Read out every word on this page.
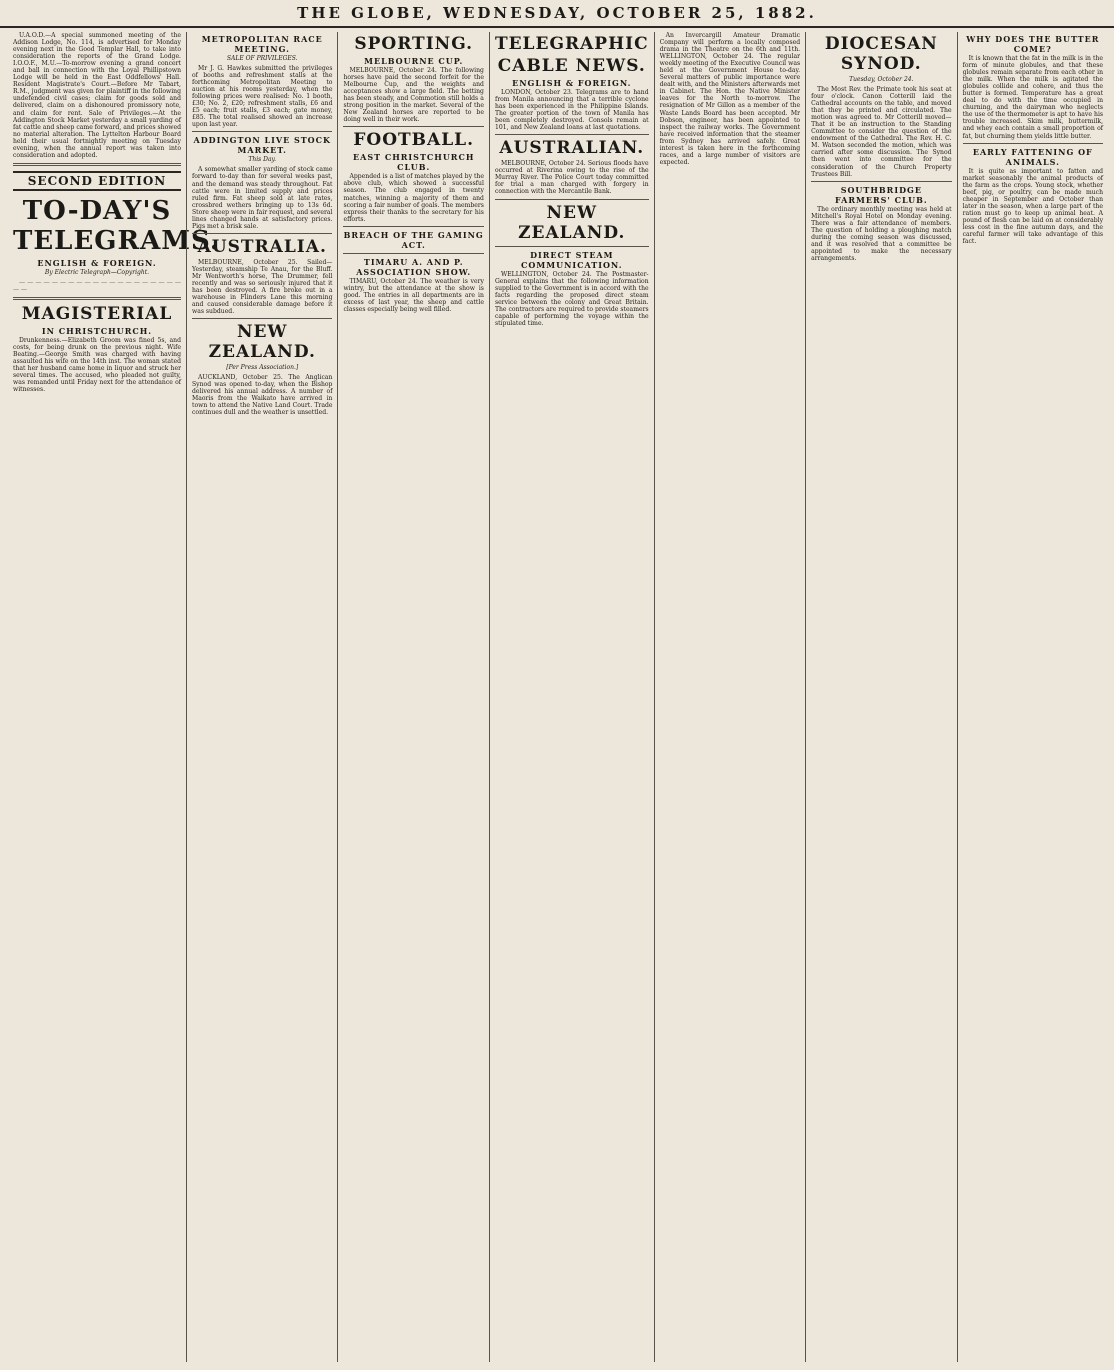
THE GLOBE, WEDNESDAY, OCTOBER 25, 1882.

U.A.O.D.—A special summoned meeting of the Addison Lodge, No. 114, is advertised for Monday evening next in the Good Templar Hall, to take into consideration the reports of the Grand Lodge. I.O.O.F., M.U.—To-morrow evening a grand concert and ball in connection with the Loyal Phillipstown Lodge will be held in the East Oddfellows' Hall. Resident Magistrate's Court.—Before Mr Tabart, R.M., judgment was given for plaintiff in the following undefended civil cases; claim for goods sold and delivered, claim on a dishonoured promissory note, and claim for rent. Sale of Privileges.—At the Addington Stock Market yesterday a small yarding of fat cattle and sheep came forward, and prices showed no material alteration. The Lyttelton Harbour Board held their usual fortnightly meeting on Tuesday evening, when the annual report was taken into consideration and adopted.

SECOND EDITION
TO-DAY'S TELEGRAMS.
ENGLISH & FOREIGN.
By Electric Telegraph—Copyright.

— — — — — — — — — — — — — — — — — — — — — —

MAGISTERIAL
IN CHRISTCHURCH.

Drunkenness.—Elizabeth Groom was fined 5s, and costs, for being drunk on the previous night. Wife Beating.—George Smith was charged with having assaulted his wife on the 14th inst. The woman stated that her husband came home in liquor and struck her several times. The accused, who pleaded not guilty, was remanded until Friday next for the attendance of witnesses.

METROPOLITAN RACE MEETING.
SALE OF PRIVILEGES.

Mr J. G. Hawkes submitted the privileges of booths and refreshment stalls at the forthcoming Metropolitan Meeting to auction at his rooms yesterday, when the following prices were realised: No. 1 booth, £30; No. 2, £20; refreshment stalls, £6 and £5 each; fruit stalls, £3 each; gate money, £85. The total realised showed an increase upon last year.

ADDINGTON LIVE STOCK MARKET.
This Day.

A somewhat smaller yarding of stock came forward to-day than for several weeks past, and the demand was steady throughout. Fat cattle were in limited supply and prices ruled firm. Fat sheep sold at late rates, crossbred wethers bringing up to 13s 6d. Store sheep were in fair request, and several lines changed hands at satisfactory prices. Pigs met a brisk sale.

AUSTRALIA.

MELBOURNE, October 25. Sailed—Yesterday, steamship Te Anau, for the Bluff. Mr Wentworth's horse, The Drummer, fell recently and was so seriously injured that it has been destroyed. A fire broke out in a warehouse in Flinders Lane this morning and caused considerable damage before it was subdued.

NEW ZEALAND.
[Per Press Association.]

AUCKLAND, October 25. The Anglican Synod was opened to-day, when the Bishop delivered his annual address. A number of Maoris from the Waikato have arrived in town to attend the Native Land Court. Trade continues dull and the weather is unsettled.

SPORTING.
MELBOURNE CUP.

MELBOURNE, October 24. The following horses have paid the second forfeit for the Melbourne Cup, and the weights and acceptances show a large field. The betting has been steady, and Commotion still holds a strong position in the market. Several of the New Zealand horses are reported to be doing well in their work.

FOOTBALL.
EAST CHRISTCHURCH CLUB.

Appended is a list of matches played by the above club, which showed a successful season. The club engaged in twenty matches, winning a majority of them and scoring a fair number of goals. The members express their thanks to the secretary for his efforts.

BREACH OF THE GAMING ACT.
TIMARU A. AND P. ASSOCIATION SHOW.

TIMARU, October 24. The weather is very wintry, but the attendance at the show is good. The entries in all departments are in excess of last year, the sheep and cattle classes especially being well filled.

TELEGRAPHIC
CABLE NEWS.
ENGLISH & FOREIGN.

LONDON, October 23. Telegrams are to hand from Manila announcing that a terrible cyclone has been experienced in the Philippine Islands. The greater portion of the town of Manila has been completely destroyed. Consols remain at 101, and New Zealand loans at last quotations.

AUSTRALIAN.

MELBOURNE, October 24. Serious floods have occurred at Riverina owing to the rise of the Murray River. The Police Court today committed for trial a man charged with forgery in connection with the Mercantile Bank.

NEW ZEALAND.
DIRECT STEAM COMMUNICATION.

WELLINGTON, October 24. The Postmaster-General explains that the following information supplied to the Government is in accord with the facts regarding the proposed direct steam service between the colony and Great Britain. The contractors are required to provide steamers capable of performing the voyage within the stipulated time.

An Invercargill Amateur Dramatic Company will perform a locally composed drama in the Theatre on the 6th and 11th. WELLINGTON, October 24. The regular weekly meeting of the Executive Council was held at the Government House to-day. Several matters of public importance were dealt with, and the Ministers afterwards met in Cabinet. The Hon. the Native Minister leaves for the North to-morrow. The resignation of Mr Gillon as a member of the Waste Lands Board has been accepted. Mr Dobson, engineer, has been appointed to inspect the railway works. The Government have received information that the steamer from Sydney has arrived safely. Great interest is taken here in the forthcoming races, and a large number of visitors are expected.

DIOCESAN SYNOD.
Tuesday, October 24.

The Most Rev. the Primate took his seat at four o'clock. Canon Cotterill laid the Cathedral accounts on the table, and moved that they be printed and circulated. The motion was agreed to. Mr Cotterill moved—That it be an instruction to the Standing Committee to consider the question of the endowment of the Cathedral. The Rev. H. C. M. Watson seconded the motion, which was carried after some discussion. The Synod then went into committee for the consideration of the Church Property Trustees Bill.

SOUTHBRIDGE FARMERS' CLUB.

The ordinary monthly meeting was held at Mitchell's Royal Hotel on Monday evening. There was a fair attendance of members. The question of holding a ploughing match during the coming season was discussed, and it was resolved that a committee be appointed to make the necessary arrangements.

WHY DOES THE BUTTER COME?

It is known that the fat in the milk is in the form of minute globules, and that these globules remain separate from each other in the milk. When the milk is agitated the globules collide and cohere, and thus the butter is formed. Temperature has a great deal to do with the time occupied in churning, and the dairyman who neglects the use of the thermometer is apt to have his trouble increased. Skim milk, buttermilk, and whey each contain a small proportion of fat, but churning them yields little butter.

EARLY FATTENING OF ANIMALS.

It is quite as important to fatten and market seasonably the animal products of the farm as the crops. Young stock, whether beef, pig, or poultry, can be made much cheaper in September and October than later in the season, when a large part of the ration must go to keep up animal heat. A pound of flesh can be laid on at considerably less cost in the fine autumn days, and the careful farmer will take advantage of this fact.
